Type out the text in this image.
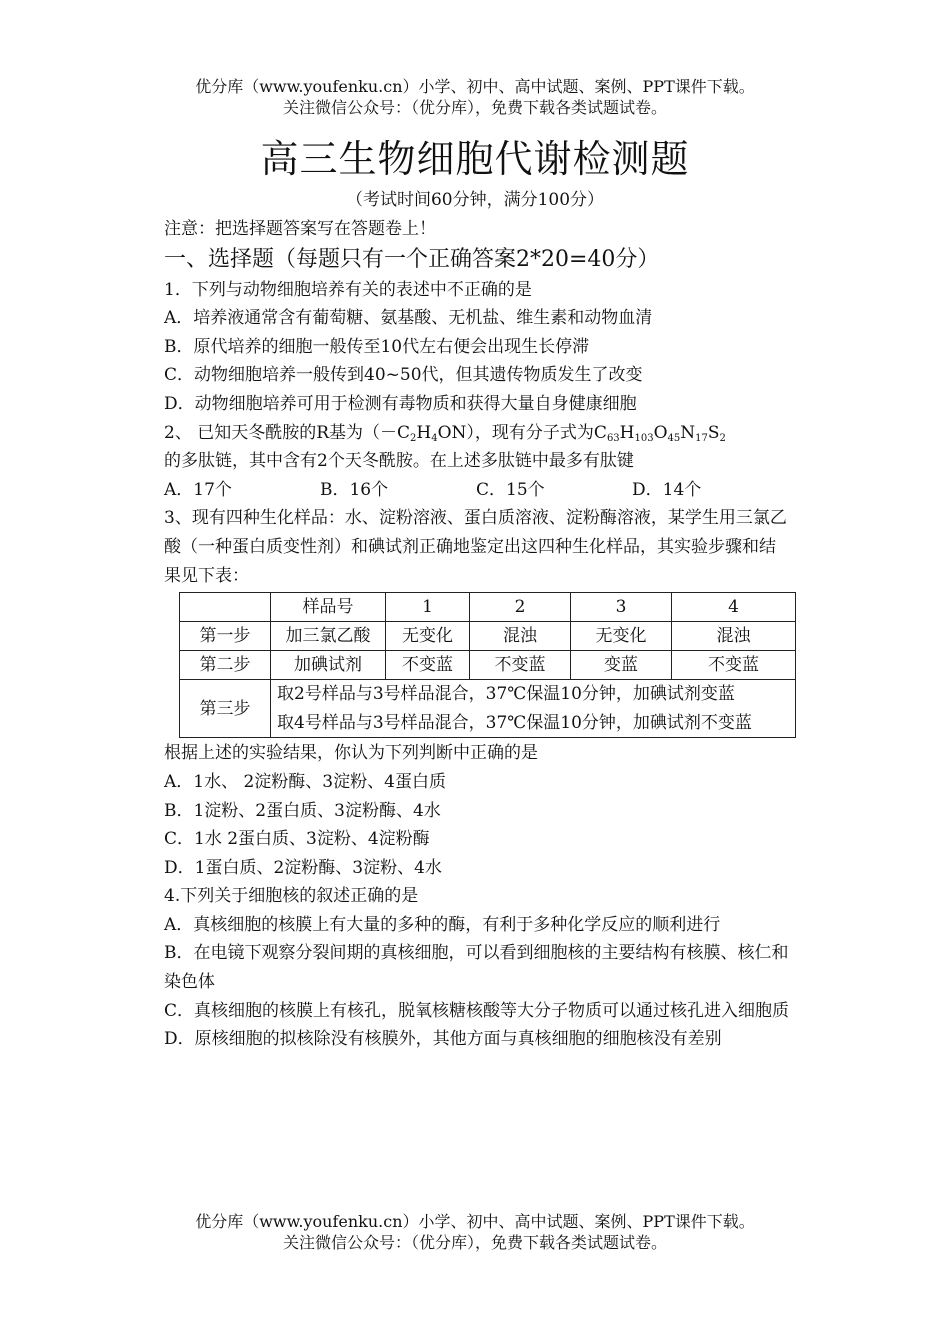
优分库（www.youfenku.cn）小学、初中、高中试题、案例、PPT课件下载。
关注微信公众号：（优分库），免费下载各类试题试卷。
高三生物细胞代谢检测题
（考试时间60分钟，满分100分）
注意：把选择题答案写在答题卷上！
一、选择题（每题只有一个正确答案2*20=40分）
1．下列与动物细胞培养有关的表述中不正确的是
A．培养液通常含有葡萄糖、氨基酸、无机盐、维生素和动物血清
B．原代培养的细胞一般传至10代左右便会出现生长停滞
C．动物细胞培养一般传到40~50代，但其遗传物质发生了改变
D．动物细胞培养可用于检测有毒物质和获得大量自身健康细胞
2、 已知天冬酰胺的R基为$(-C_2H_4ON)$，现有分子式为$C_{63}H_{103}O_{45}N_{17}S_2$
的多肽链，其中含有2个天冬酰胺。在上述多肽链中最多有肽键
A．17个	B．16个	C．15个	D．14个
3、现有四种生化样品：水、淀粉溶液、蛋白质溶液、淀粉酶溶液，某学生用三氯乙酸（一种蛋白质变性剂）和碘试剂正确地鉴定出这四种生化样品，其实验步骤和结果见下表：
	样品号	1	2	3	4
第一步	加三氯乙酸	无变化	混浊	无变化	混浊
第二步	加碘试剂	不变蓝	不变蓝	变蓝	不变蓝
第三步	取2号样品与3号样品混合，37℃保温10分钟，加碘试剂变蓝

取4号样品与3号样品混合，37℃保温10分钟，加碘试剂不变蓝				

根据上述的实验结果，你认为下列判断中正确的是
A．1水、 2淀粉酶、3淀粉、4蛋白质
B．1淀粉、2蛋白质、3淀粉酶、4水
C．1水 2蛋白质、3淀粉、4淀粉酶
D．1蛋白质、2淀粉酶、3淀粉、4水
4.下列关于细胞核的叙述正确的是
A．真核细胞的核膜上有大量的多种的酶，有利于多种化学反应的顺利进行
B．在电镜下观察分裂间期的真核细胞，可以看到细胞核的主要结构有核膜、核仁和染色体
C．真核细胞的核膜上有核孔，脱氧核糖核酸等大分子物质可以通过核孔进入细胞质
D．原核细胞的拟核除没有核膜外，其他方面与真核细胞的细胞核没有差别
优分库（www.youfenku.cn）小学、初中、高中试题、案例、PPT课件下载。
关注微信公众号：（优分库），免费下载各类试题试卷。
